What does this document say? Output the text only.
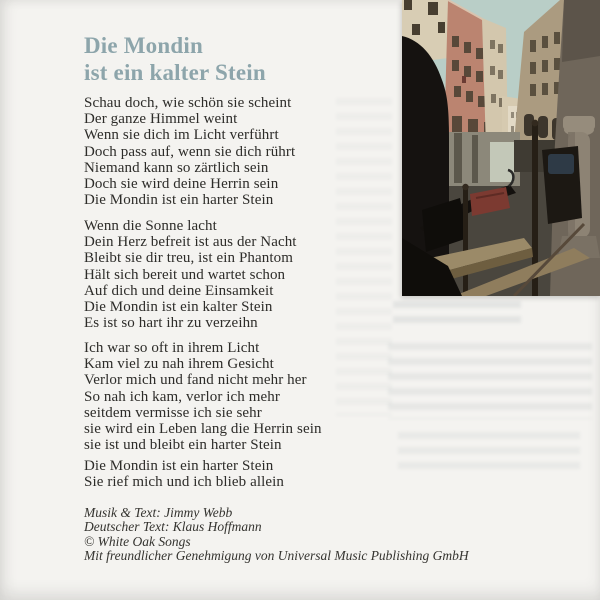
Die Mondin
ist ein kalter Stein
Schau doch, wie schön sie scheint
Der ganze Himmel weint
Wenn sie dich im Licht verführt
Doch pass auf, wenn sie dich rührt
Niemand kann so zärtlich sein
Doch sie wird deine Herrin sein
Die Mondin ist ein harter Stein
Wenn die Sonne lacht
Dein Herz befreit ist aus der Nacht
Bleibt sie dir treu, ist ein Phantom
Hält sich bereit und wartet schon
Auf dich und deine Einsamkeit
Die Mondin ist ein kalter Stein
Es ist so hart ihr zu verzeihn
Ich war so oft in ihrem Licht
Kam viel zu nah ihrem Gesicht
Verlor mich und fand nicht mehr her
So nah ich kam, verlor ich mehr
seitdem vermisse ich sie sehr
sie wird ein Leben lang die Herrin sein
sie ist und bleibt ein harter Stein
Die Mondin ist ein harter Stein
Sie rief mich und ich blieb allein
Musik & Text: Jimmy Webb
Deutscher Text: Klaus Hoffmann
© White Oak Songs
Mit freundlicher Genehmigung von Universal Music Publishing GmbH
